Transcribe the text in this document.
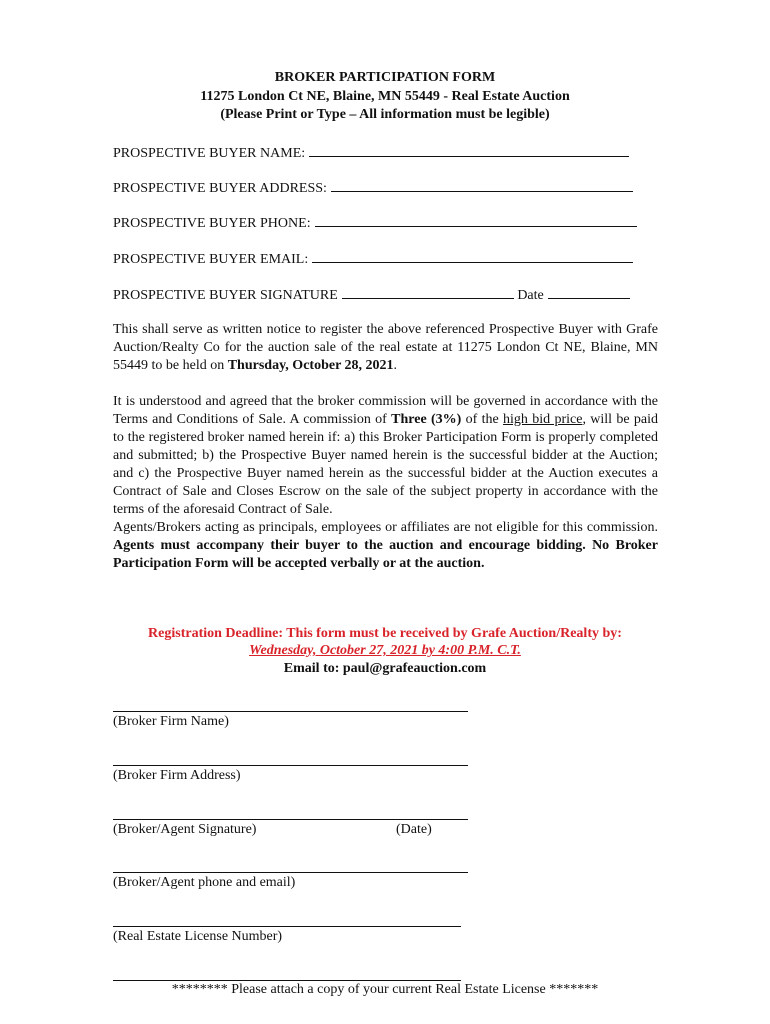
BROKER PARTICIPATION FORM
11275 London Ct NE, Blaine, MN 55449 - Real Estate Auction
(Please Print or Type – All information must be legible)
PROSPECTIVE BUYER NAME:
PROSPECTIVE BUYER ADDRESS:
PROSPECTIVE BUYER PHONE:
PROSPECTIVE BUYER EMAIL:
PROSPECTIVE BUYER SIGNATURE	Date
This shall serve as written notice to register the above referenced Prospective Buyer with Grafe Auction/Realty Co for the auction sale of the real estate at 11275 London Ct NE, Blaine, MN 55449 to be held on Thursday, October 28, 2021.
It is understood and agreed that the broker commission will be governed in accordance with the Terms and Conditions of Sale. A commission of Three (3%) of the high bid price, will be paid to the registered broker named herein if: a) this Broker Participation Form is properly completed and submitted; b) the Prospective Buyer named herein is the successful bidder at the Auction; and c) the Prospective Buyer named herein as the successful bidder at the Auction executes a Contract of Sale and Closes Escrow on the sale of the subject property in accordance with the terms of the aforesaid Contract of Sale.
Agents/Brokers acting as principals, employees or affiliates are not eligible for this commission. Agents must accompany their buyer to the auction and encourage bidding. No Broker Participation Form will be accepted verbally or at the auction.
Registration Deadline: This form must be received by Grafe Auction/Realty by:
Wednesday, October 27, 2021 by 4:00 P.M. C.T.
Email to: paul@grafeauction.com
(Broker Firm Name)
(Broker Firm Address)
(Broker/Agent Signature)	(Date)
(Broker/Agent phone and email)
(Real Estate License Number)
******** Please attach a copy of your current Real Estate License *******
